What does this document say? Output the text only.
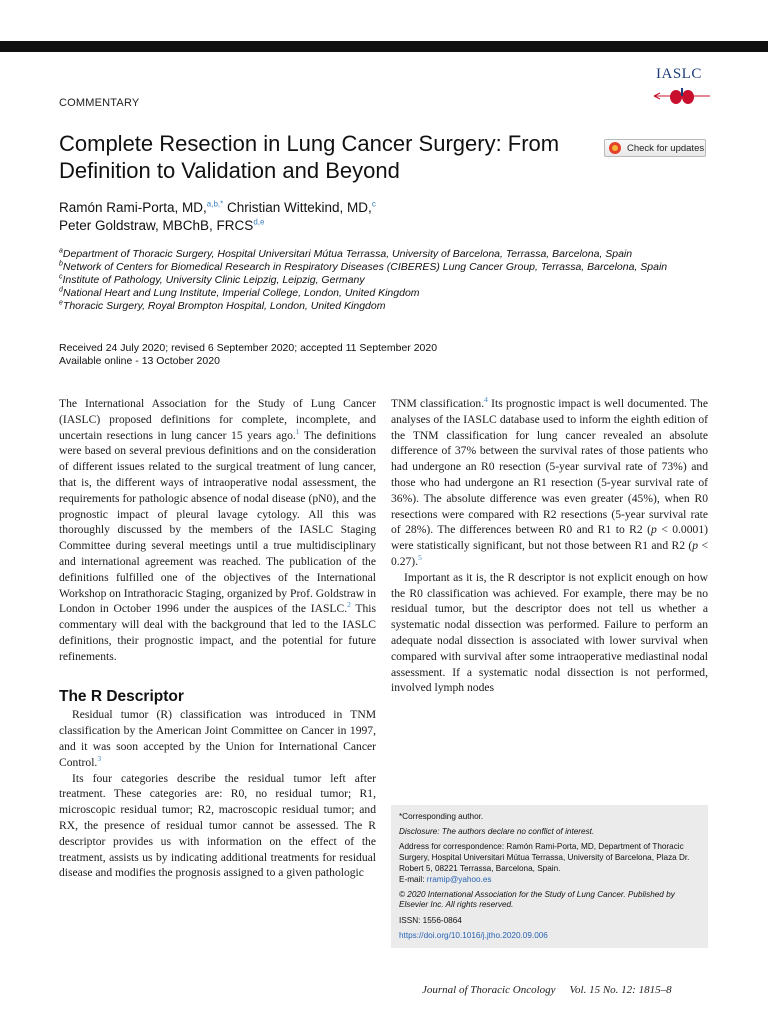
COMMENTARY
IASLC
Complete Resection in Lung Cancer Surgery: From Definition to Validation and Beyond
Check for updates
Ramón Rami-Porta, MD,$^{a,b,*}$ Christian Wittekind, MD,$^c$
Peter Goldstraw, MBChB, FRCS$^{d,e}$
$^a$Department of Thoracic Surgery, Hospital Universitari Mútua Terrassa, University of Barcelona, Terrassa, Barcelona, Spain
$^b$Network of Centers for Biomedical Research in Respiratory Diseases (CIBERES) Lung Cancer Group, Terrassa, Barcelona, Spain
$^c$Institute of Pathology, University Clinic Leipzig, Leipzig, Germany
$^d$National Heart and Lung Institute, Imperial College, London, United Kingdom
$^e$Thoracic Surgery, Royal Brompton Hospital, London, United Kingdom
Received 24 July 2020; revised 6 September 2020; accepted 11 September 2020
Available online - 13 October 2020

The International Association for the Study of Lung Cancer (IASLC) proposed definitions for complete, incomplete, and uncertain resections in lung cancer 15 years ago.$^1$ The definitions were based on several previous definitions and on the consideration of different issues related to the surgical treatment of lung cancer, that is, the different ways of intraoperative nodal assessment, the requirements for pathologic absence of nodal disease (pN0), and the prognostic impact of pleural lavage cytology. All this was thoroughly discussed by the members of the IASLC Staging Committee during several meetings until a true multidisciplinary and international agreement was reached. The publication of the definitions fulfilled one of the objectives of the International Workshop on Intrathoracic Staging, organized by Prof. Goldstraw in London in October 1996 under the auspices of the IASLC.$^2$ This commentary will deal with the background that led to the IASLC definitions, their prognostic impact, and the potential for future refinements.

The R Descriptor

Residual tumor (R) classification was introduced in TNM classification by the American Joint Committee on Cancer in 1997, and it was soon accepted by the Union for International Cancer Control.$^3$

Its four categories describe the residual tumor left after treatment. These categories are: R0, no residual tumor; R1, microscopic residual tumor; R2, macroscopic residual tumor; and RX, the presence of residual tumor cannot be assessed. The R descriptor provides us with information on the effect of the treatment, assists us by indicating additional treatments for residual disease and modifies the prognosis assigned to a given pathologic

TNM classification.$^4$ Its prognostic impact is well documented. The analyses of the IASLC database used to inform the eighth edition of the TNM classification for lung cancer revealed an absolute difference of 37% between the survival rates of those patients who had undergone an R0 resection (5-year survival rate of 73%) and those who had undergone an R1 resection (5-year survival rate of 36%). The absolute difference was even greater (45%), when R0 resections were compared with R2 resections (5-year survival rate of 28%). The differences between R0 and R1 to R2 (p < 0.0001) were statistically significant, but not those between R1 and R2 (p < 0.27).$^5$

Important as it is, the R descriptor is not explicit enough on how the R0 classification was achieved. For example, there may be no residual tumor, but the descriptor does not tell us whether a systematic nodal dissection was performed. Failure to perform an adequate nodal dissection is associated with lower survival when compared with survival after some intraoperative mediastinal nodal assessment. If a systematic nodal dissection is not performed, involved lymph nodes

*Corresponding author.

Disclosure: The authors declare no conflict of interest.

Address for correspondence: Ramón Rami-Porta, MD, Department of Thoracic Surgery, Hospital Universitari Mútua Terrassa, University of Barcelona, Plaza Dr. Robert 5, 08221 Terrassa, Barcelona, Spain.
E-mail: rramip@yahoo.es

© 2020 International Association for the Study of Lung Cancer. Published by Elsevier Inc. All rights reserved.

ISSN: 1556-0864

https://doi.org/10.1016/j.jtho.2020.09.006

Journal of Thoracic Oncology Vol. 15 No. 12: 1815–8
